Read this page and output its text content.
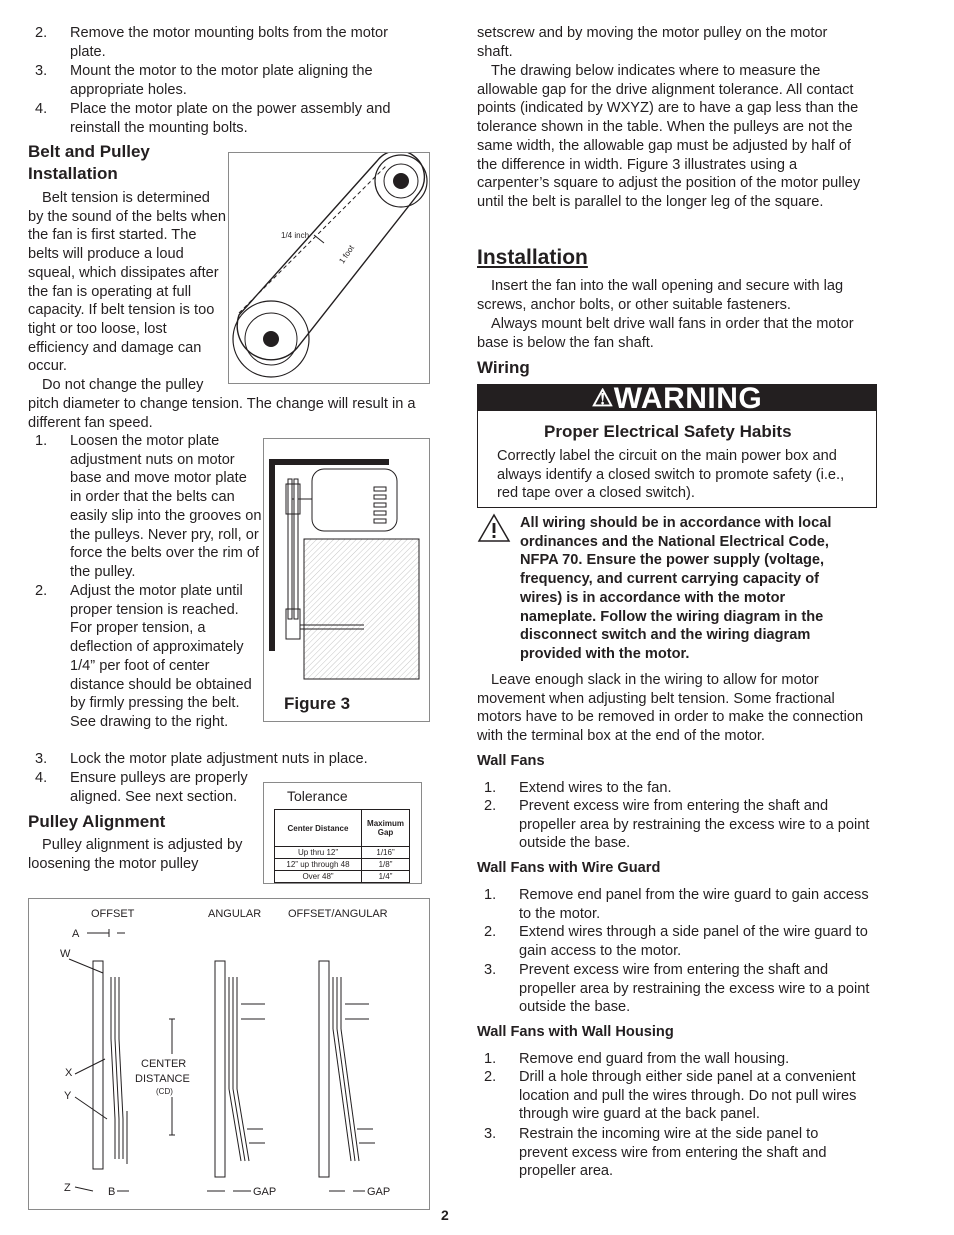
2. Remove the motor mounting bolts from the motor plate.
3. Mount the motor to the motor plate aligning the appropriate holes.
4. Place the motor plate on the power assembly and reinstall the mounting bolts.
Belt and Pulley
Installation

Belt tension is determined by the sound of the belts when the fan is first started. The belts will produce a loud squeal, which dissipates after the fan is operating at full capacity. If belt tension is too tight or too loose, lost efficiency and damage can occur.

Do not change the pulley

pitch diameter to change tension. The change will result in a different fan speed.

1. Loosen the motor plate adjustment nuts on motor base and move motor plate in order that the belts can easily slip into the grooves on the pulleys. Never pry, roll, or force the belts over the rim of the pulley.
2. Adjust the motor plate until proper tension is reached. For proper tension, a deflection of approximately 1/4” per foot of center distance should be obtained by firmly pressing the belt. See drawing to the right.
3. Lock the motor plate adjustment nuts in place.
4. Ensure pulleys are properly aligned. See next section.
Pulley Alignment

Pulley alignment is adjusted by loosening the motor pulley

1/4 inch
1 foot
Figure 3
Tolerance
Center Distance	Maximum Gap
Up thru 12”	1/16”
12” up through 48	1/8”
Over 48”	1/4”
OFFSET	ANGULAR OFFSET/ANGULAR
A
W
X
Y
Z	B
CENTER
DISTANCE
(CD)
GAP	GAP

setscrew and by moving the motor pulley on the motor shaft.

The drawing below indicates where to measure the allowable gap for the drive alignment tolerance. All contact points (indicated by WXYZ) are to have a gap less than the tolerance shown in the table. When the pulleys are not the same width, the allowable gap must be adjusted by half of the difference in width. Figure 3 illustrates using a carpenter’s square to adjust the position of the motor pulley until the belt is parallel to the longer leg of the square.

Installation

Insert the fan into the wall opening and secure with lag screws, anchor bolts, or other suitable fasteners.

Always mount belt drive wall fans in order that the motor base is below the fan shaft.

Wiring
⚠WARNING
Proper Electrical Safety Habits

Correctly label the circuit on the main power box and always identify a closed switch to promote safety (i.e., red tape over a closed switch).

All wiring should be in accordance with local ordinances and the National Electrical Code, NFPA 70. Ensure the power supply (voltage, frequency, and current carrying capacity of wires) is in accordance with the motor nameplate. Follow the wiring diagram in the disconnect switch and the wiring diagram provided with the motor.

Leave enough slack in the wiring to allow for motor movement when adjusting belt tension. Some fractional motors have to be removed in order to make the connection with the terminal box at the end of the motor.

Wall Fans
1. Extend wires to the fan.
2. Prevent excess wire from entering the shaft and propeller area by restraining the excess wire to a point outside the base.
Wall Fans with Wire Guard
1. Remove end panel from the wire guard to gain access to the motor.
2. Extend wires through a side panel of the wire guard to gain access to the motor.
3. Prevent excess wire from entering the shaft and propeller area by restraining the excess wire to a point outside the base.
Wall Fans with Wall Housing
1. Remove end guard from the wall housing.
2. Drill a hole through either side panel at a convenient location and pull the wires through. Do not pull wires through wire guard at the back panel.
3. Restrain the incoming wire at the side panel to prevent excess wire from entering the shaft and propeller area.
2
